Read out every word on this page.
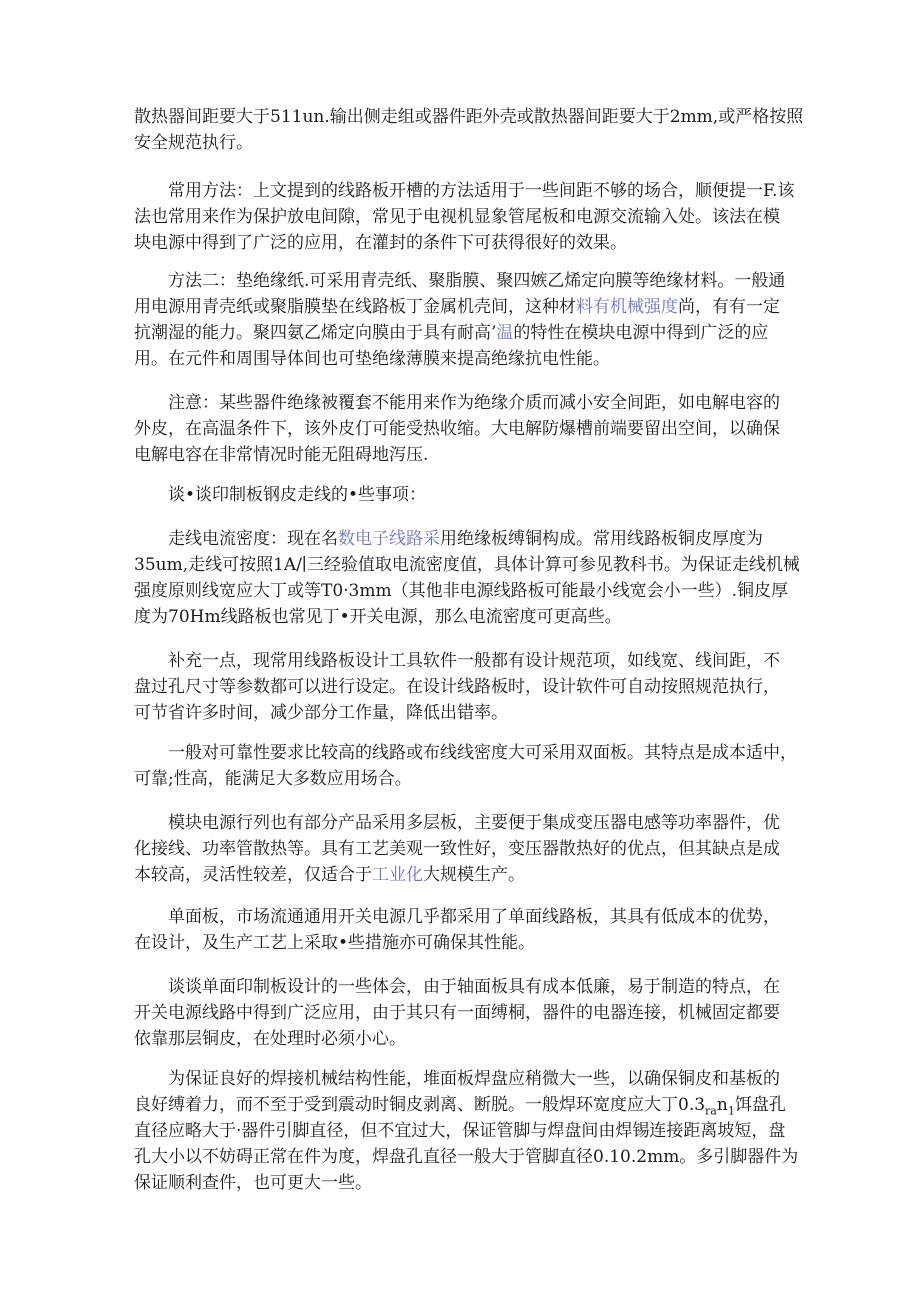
散热器间距要大于511un.输出侧走组或器件距外壳或散热器间距要大于2mm,或严格按照
安全规范执行。

常用方法：上文提到的线路板开槽的方法适用于一些间距不够的场合，顺便提一F.该
法也常用来作为保护放电间隙，常见于电视机显象管尾板和电源交流输入处。该法在模
块电源中得到了广泛的应用，在灌封的条件下可获得很好的效果。

方法二：垫绝缘纸.可采用青壳纸、聚脂膜、聚四嫉乙烯定向膜等绝缘材料。一般通
用电源用青壳纸或聚脂膜垫在线路板丁金属机壳间，这种材料有机械强度尚，有有一定
抗潮湿的能力。聚四氨乙烯定向膜由于具有耐高’温的特性在模块电源中得到广泛的应
用。在元件和周围导体间也可垫绝缘薄膜来提高绝缘抗电性能。

注意：某些器件绝缘被覆套不能用来作为绝缘介质而减小安全间距，如电解电容的
外皮，在高温条件下，该外皮仃可能受热收缩。大电解防爆槽前端要留出空间，以确保
电解电容在非常情况时能无阻碍地泻压.

谈•谈印制板钢皮走线的•些事项：

走线电流密度：现在名数电子线路采用绝缘板缚铜构成。常用线路板铜皮厚度为
35um,走线可按照1A/∣三经验值取电流密度值，具体计算可参见教科书。为保证走线机械
强度原则线宽应大丁或等T0·3mm（其他非电源线路板可能最小线宽会小一些）.铜皮厚
度为70Hm线路板也常见丁•开关电源，那么电流密度可更高些。

补充一点，现常用线路板设计工具软件一般都有设计规范项，如线宽、线间距，不
盘过孔尺寸等参数都可以进行设定。在设计线路板时，设计软件可自动按照规范执行，
可节省许多时间，减少部分工作量，降低出错率。

一般对可靠性要求比较高的线路或布线线密度大可采用双面板。其特点是成本适中，
可靠;性高，能满足大多数应用场合。

模块电源行列也有部分产品采用多层板，主要便于集成变压器电感等功率器件，优
化接线、功率管散热等。具有工艺美观一致性好，变压器散热好的优点，但其缺点是成
本较高，灵活性较差，仅适合于工业化大规模生产。

单面板，市场流通通用开关电源几乎都采用了单面线路板，其具有低成本的优势，
在设计，及生产工艺上采取•些措施亦可确保其性能。

谈谈单面印制板设计的一些体会，由于轴面板具有成本低廉，易于制造的特点，在
开关电源线路中得到广泛应用，由于其只有一面缚桐，器件的电器连接，机械固定都要
依靠那层铜皮，在处理时必须小心。

为保证良好的焊接机械结构性能，堆面板焊盘应稍微大一些，以确保铜皮和基板的
良好缚着力，而不至于受到震动时铜皮剥离、断脱。一般焊环宽度应大丁$0.3_{ra}n_1$饵盘孔
直径应略大于·器件引脚直径，但不宜过大，保证管脚与焊盘间由焊锡连接距离坡短，盘
孔大小以不妨碍正常在件为度，焊盘孔直径一般大于管脚直径0.10.2mm。多引脚器件为
保证顺利查件，也可更大一些。
